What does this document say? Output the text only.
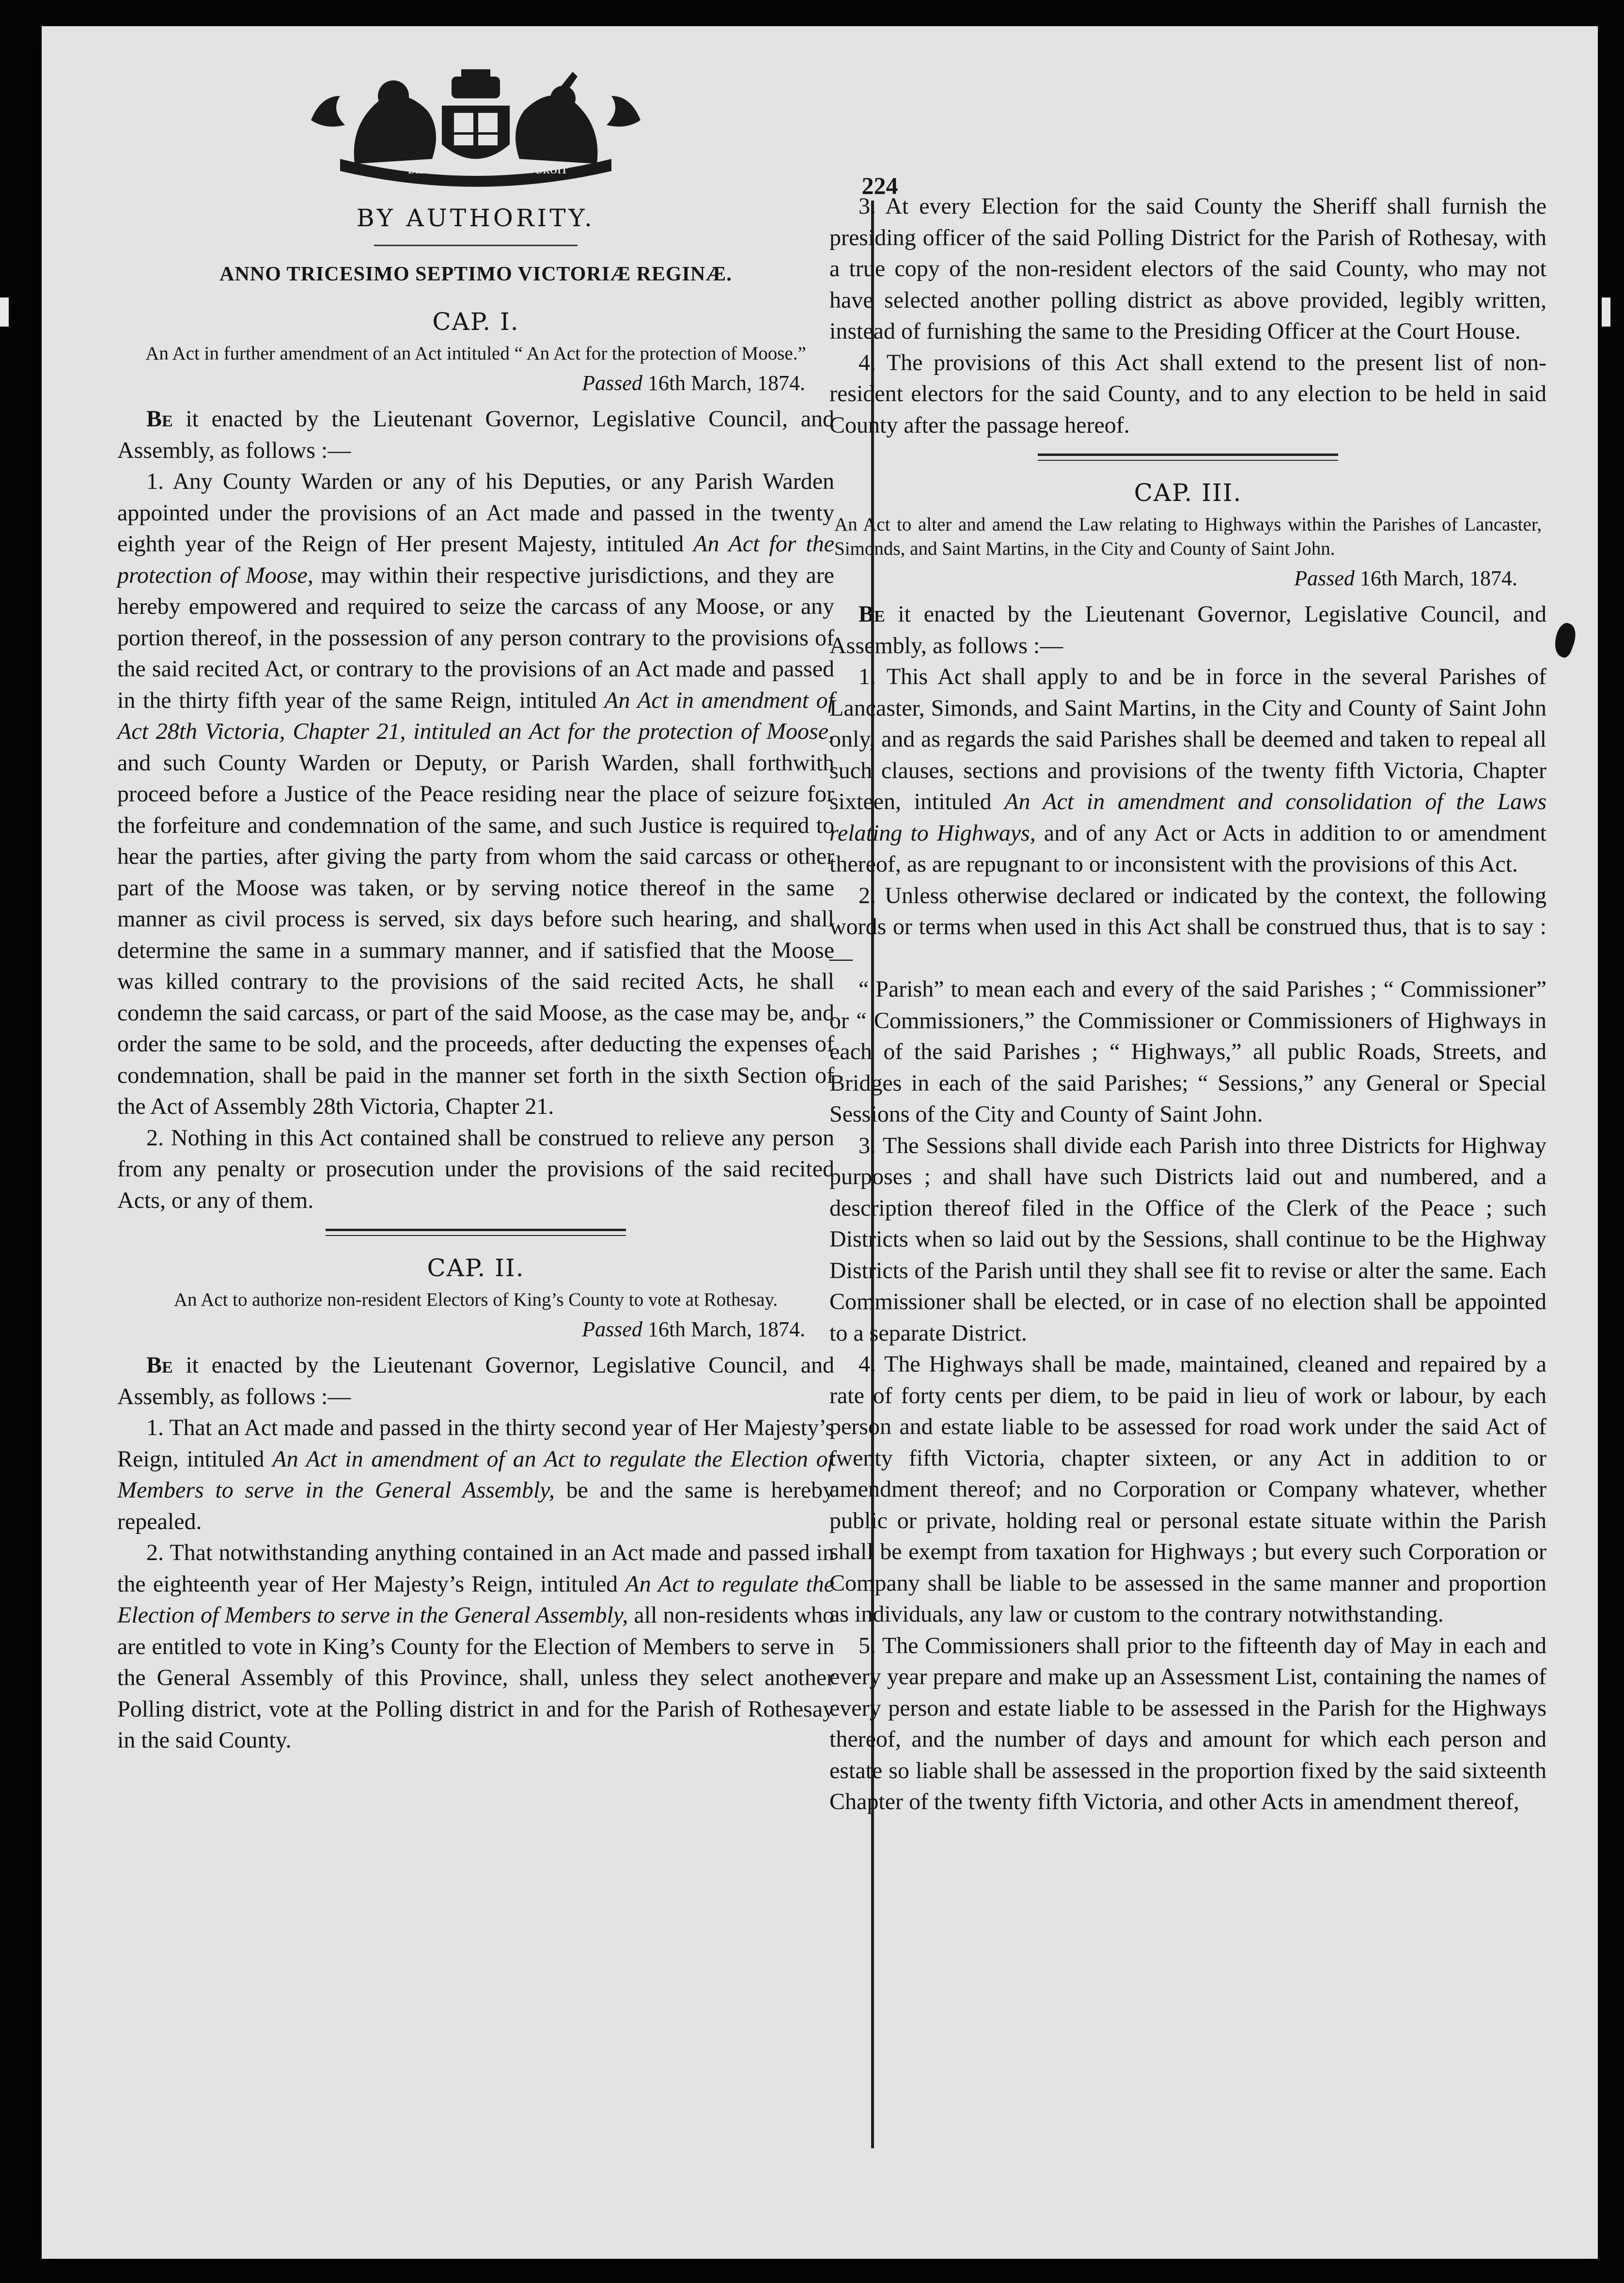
224
DIEU ET	MON DROIT
BY AUTHORITY.
ANNO TRICESIMO SEPTIMO VICTORIÆ REGINÆ.
CAP. I.
An Act in further amendment of an Act intituled “ An Act for the protection of Moose.”
Passed 16th March, 1874.

Be it enacted by the Lieutenant Governor, Legislative Council, and Assembly, as follows :—

1. Any County Warden or any of his Deputies, or any Parish Warden appointed under the provisions of an Act made and passed in the twenty eighth year of the Reign of Her present Majesty, intituled An Act for the protection of Moose, may within their respective jurisdictions, and they are hereby empowered and required to seize the carcass of any Moose, or any portion thereof, in the possession of any person contrary to the provisions of the said recited Act, or contrary to the provisions of an Act made and passed in the thirty fifth year of the same Reign, intituled An Act in amendment of Act 28th Victoria, Chapter 21, intituled an Act for the protection of Moose, and such County Warden or Deputy, or Parish Warden, shall forthwith proceed before a Justice of the Peace residing near the place of seizure for the forfeiture and condemnation of the same, and such Justice is required to hear the parties, after giving the party from whom the said carcass or other part of the Moose was taken, or by serving notice thereof in the same manner as civil process is served, six days before such hearing, and shall determine the same in a summary manner, and if satisfied that the Moose was killed contrary to the provisions of the said recited Acts, he shall condemn the said carcass, or part of the said Moose, as the case may be, and order the same to be sold, and the proceeds, after deducting the expenses of condemnation, shall be paid in the manner set forth in the sixth Section of the Act of Assembly 28th Victoria, Chapter 21.

2. Nothing in this Act contained shall be construed to relieve any person from any penalty or prosecution under the provisions of the said recited Acts, or any of them.

CAP. II.
An Act to authorize non-resident Electors of King’s County to vote at Rothesay.
Passed 16th March, 1874.

Be it enacted by the Lieutenant Governor, Legislative Council, and Assembly, as follows :—

1. That an Act made and passed in the thirty second year of Her Majesty’s Reign, intituled An Act in amendment of an Act to regulate the Election of Members to serve in the General Assembly, be and the same is hereby repealed.

2. That notwithstanding anything contained in an Act made and passed in the eighteenth year of Her Majesty’s Reign, intituled An Act to regulate the Election of Members to serve in the General Assembly, all non-residents who are entitled to vote in King’s County for the Election of Members to serve in the General Assembly of this Province, shall, unless they select another Polling district, vote at the Polling district in and for the Parish of Rothesay in the said County.

3. At every Election for the said County the Sheriff shall furnish the presiding officer of the said Polling District for the Parish of Rothesay, with a true copy of the non-resident electors of the said County, who may not have selected another polling district as above provided, legibly written, instead of furnishing the same to the Presiding Officer at the Court House.

4. The provisions of this Act shall extend to the present list of non-resident electors for the said County, and to any election to be held in said County after the passage hereof.

CAP. III.
An Act to alter and amend the Law relating to Highways within the Parishes of Lancaster, Simonds, and Saint Martins, in the City and County of Saint John.
Passed 16th March, 1874.

Be it enacted by the Lieutenant Governor, Legislative Council, and Assembly, as follows :—

1. This Act shall apply to and be in force in the several Parishes of Lancaster, Simonds, and Saint Martins, in the City and County of Saint John only, and as regards the said Parishes shall be deemed and taken to repeal all such clauses, sections and provisions of the twenty fifth Victoria, Chapter sixteen, intituled An Act in amendment and consolidation of the Laws relating to Highways, and of any Act or Acts in addition to or amendment thereof, as are repugnant to or inconsistent with the provisions of this Act.

2. Unless otherwise declared or indicated by the context, the following words or terms when used in this Act shall be construed thus, that is to say :—

“ Parish” to mean each and every of the said Parishes ; “ Commissioner” or “ Commissioners,” the Commissioner or Commissioners of Highways in each of the said Parishes ; “ Highways,” all public Roads, Streets, and Bridges in each of the said Parishes; “ Sessions,” any General or Special Sessions of the City and County of Saint John.

3. The Sessions shall divide each Parish into three Districts for Highway purposes ; and shall have such Districts laid out and numbered, and a description thereof filed in the Office of the Clerk of the Peace ; such Districts when so laid out by the Sessions, shall continue to be the Highway Districts of the Parish until they shall see fit to revise or alter the same. Each Commissioner shall be elected, or in case of no election shall be appointed to a separate District.

4. The Highways shall be made, maintained, cleaned and repaired by a rate of forty cents per diem, to be paid in lieu of work or labour, by each person and estate liable to be assessed for road work under the said Act of twenty fifth Victoria, chapter sixteen, or any Act in addition to or amendment thereof; and no Corporation or Company whatever, whether public or private, holding real or personal estate situate within the Parish shall be exempt from taxation for Highways ; but every such Corporation or Company shall be liable to be assessed in the same manner and proportion as individuals, any law or custom to the contrary notwithstanding.

5. The Commissioners shall prior to the fifteenth day of May in each and every year prepare and make up an Assessment List, containing the names of every person and estate liable to be assessed in the Parish for the Highways thereof, and the number of days and amount for which each person and estate so liable shall be assessed in the proportion fixed by the said sixteenth Chapter of the twenty fifth Victoria, and other Acts in amendment thereof,
